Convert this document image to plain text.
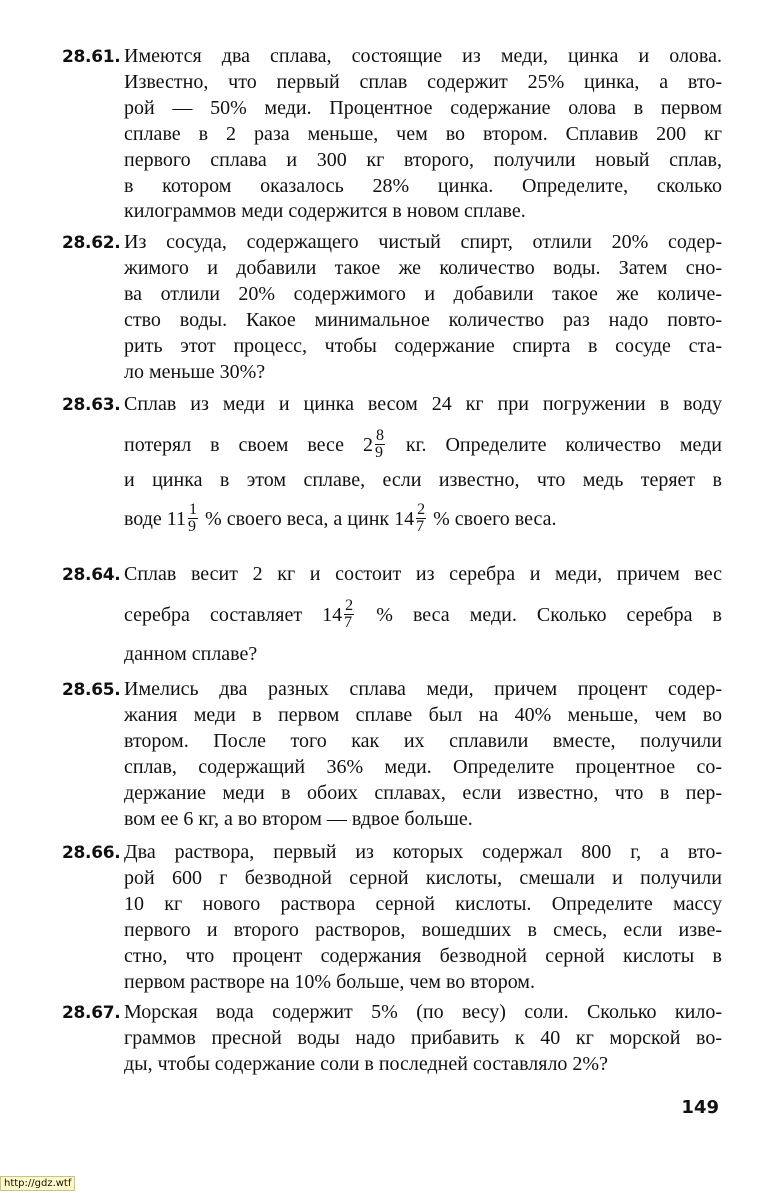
28.61. Имеются два сплава, состоящие из меди, цинка и олова.
Известно, что первый сплав содержит 25% цинка, а вто-
рой — 50% меди. Процентное содержание олова в первом
сплаве в 2 раза меньше, чем во втором. Сплавив 200 кг
первого сплава и 300 кг второго, получили новый сплав,
в котором оказалось 28% цинка. Определите, сколько
килограммов меди содержится в новом сплаве.
28.62. Из сосуда, содержащего чистый спирт, отлили 20% содер-
жимого и добавили такое же количество воды. Затем сно-
ва отлили 20% содержимого и добавили такое же количе-
ство воды. Какое минимальное количество раз надо повто-
рить этот процесс, чтобы содержание спирта в сосуде ста-
ло меньше 30%?
28.63. Сплав из меди и цинка весом 24 кг при погружении в воду
потерял в своем весе $2 \frac{8}{9}$ кг. Определите количество меди
и цинка в этом сплаве, если известно, что медь теряет в
воде $11 \frac{1}{9}$ % своего веса, а цинк $14 \frac{2}{7}$ % своего веса.
28.64. Сплав весит 2 кг и состоит из серебра и меди, причем вес
серебра составляет $14 \frac{2}{7}$ % веса меди. Сколько серебра в
данном сплаве?
28.65. Имелись два разных сплава меди, причем процент содер-
жания меди в первом сплаве был на 40% меньше, чем во
втором. После того как их сплавили вместе, получили
сплав, содержащий 36% меди. Определите процентное со-
держание меди в обоих сплавах, если известно, что в пер-
вом ее 6 кг, а во втором — вдвое больше.
28.66. Два раствора, первый из которых содержал 800 г, а вто-
рой 600 г безводной серной кислоты, смешали и получили
10 кг нового раствора серной кислоты. Определите массу
первого и второго растворов, вошедших в смесь, если изве-
стно, что процент содержания безводной серной кислоты в
первом растворе на 10% больше, чем во втором.
28.67. Морская вода содержит 5% (по весу) соли. Сколько кило-
граммов пресной воды надо прибавить к 40 кг морской во-
ды, чтобы содержание соли в последней составляло 2%?
149
http://gdz.wtf
